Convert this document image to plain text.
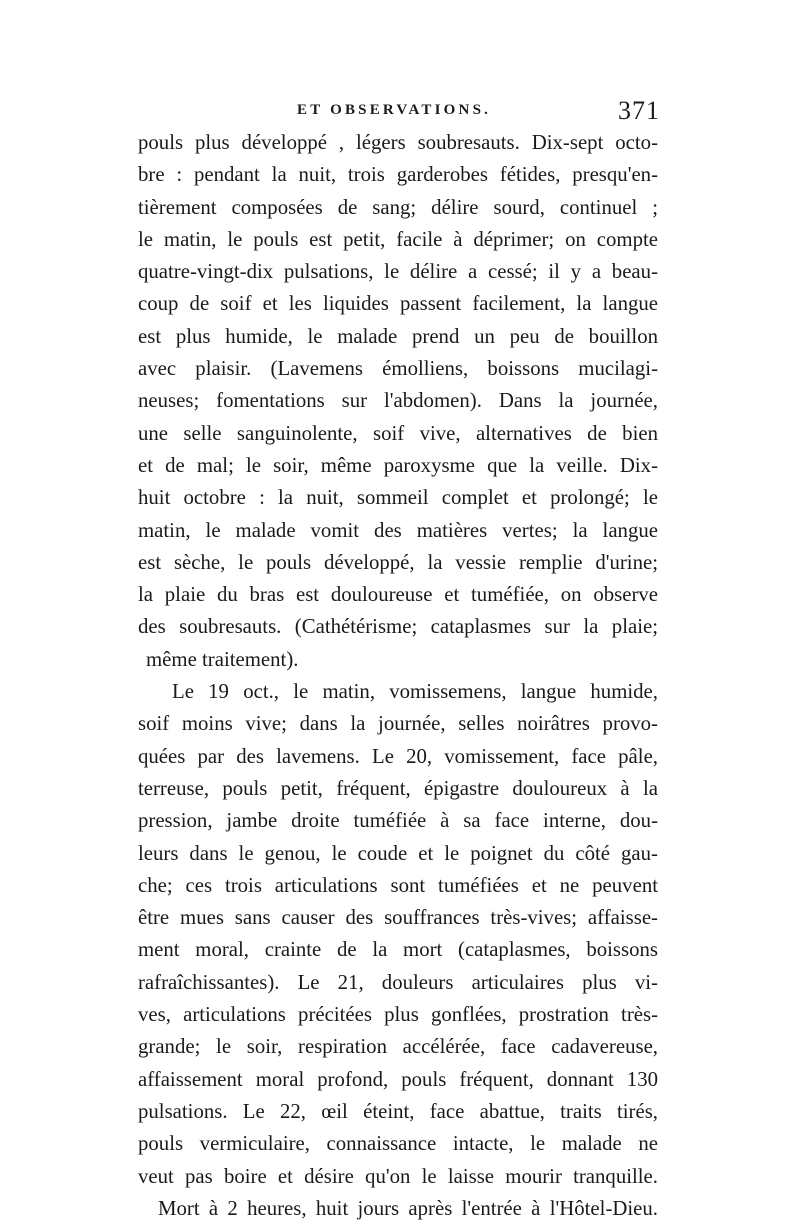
ET OBSERVATIONS.	371
pouls plus développé , légers soubresauts. Dix-sept octo-
bre : pendant la nuit, trois garderobes fétides, presqu'en-
tièrement composées de sang; délire sourd, continuel ;
le matin, le pouls est petit, facile à déprimer; on compte
quatre-vingt-dix pulsations, le délire a cessé; il y a beau-
coup de soif et les liquides passent facilement, la langue
est plus humide, le malade prend un peu de bouillon
avec plaisir. (Lavemens émolliens, boissons mucilagi-
neuses; fomentations sur l'abdomen). Dans la journée,
une selle sanguinolente, soif vive, alternatives de bien
et de mal; le soir, même paroxysme que la veille. Dix-
huit octobre : la nuit, sommeil complet et prolongé; le
matin, le malade vomit des matières vertes; la langue
est sèche, le pouls développé, la vessie remplie d'urine;
la plaie du bras est douloureuse et tuméfiée, on observe
des soubresauts. (Cathétérisme; cataplasmes sur la plaie;
même traitement).
Le 19 oct., le matin, vomissemens, langue humide,
soif moins vive; dans la journée, selles noirâtres provo-
quées par des lavemens. Le 20, vomissement, face pâle,
terreuse, pouls petit, fréquent, épigastre douloureux à la
pression, jambe droite tuméfiée à sa face interne, dou-
leurs dans le genou, le coude et le poignet du côté gau-
che; ces trois articulations sont tuméfiées et ne peuvent
être mues sans causer des souffrances très-vives; affaisse-
ment moral, crainte de la mort (cataplasmes, boissons
rafraîchissantes). Le 21, douleurs articulaires plus vi-
ves, articulations précitées plus gonflées, prostration très-
grande; le soir, respiration accélérée, face cadavereuse,
affaissement moral profond, pouls fréquent, donnant 130
pulsations. Le 22, œil éteint, face abattue, traits tirés,
pouls vermiculaire, connaissance intacte, le malade ne
veut pas boire et désire qu'on le laisse mourir tranquille.
Mort à 2 heures, huit jours après l'entrée à l'Hôtel-Dieu.
